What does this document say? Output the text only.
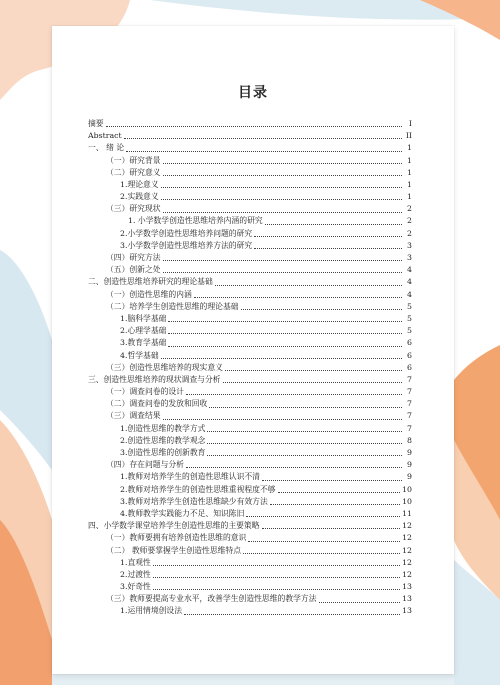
目录
摘要	I
Abstract	II
一、 绪 论	1
（一）研究背景	1
（二）研究意义	1
1.理论意义	1
2.实践意义	1
（三）研究现状	2
1. 小学数学创造性思维培养内涵的研究	2
2.小学数学创造性思维培养问题的研究	2
3.小学数学创造性思维培养方法的研究	3
（四）研究方法	3
（五）创新之处	4
二、创造性思维培养研究的理论基础	4
（一）创造性思维的内涵	4
（二）培养学生创造性思维的理论基础	5
1.脑科学基础	5
2.心理学基础	5
3.教育学基础	6
4.哲学基础	6
（三）创造性思维培养的现实意义	6
三、创造性思维培养的现状调查与分析	7
（一）调查问卷的设计	7
（二）调查问卷的发放和回收	7
（三）调查结果	7
1.创造性思维的教学方式	7
2.创造性思维的教学观念	8
3.创造性思维的创新教育	9
（四）存在问题与分析	9
1.教师对培养学生的创造性思维认识不清	9
2.教师对培养学生的创造性思维重视程度不够	10
3.教师对培养学生创造性思维缺少有效方法	10
4.教师教学实践能力不足、知识陈旧	11
四、小学数学课堂培养学生创造性思维的主要策略	12
（一）教师要拥有培养创造性思维的意识	12
（二） 教师要掌握学生创造性思维特点	12
1.直观性	12
2.过渡性	12
3.好奇性	13
（三）教师要提高专业水平，改善学生创造性思维的教学方法	13
1.运用情境创设法	13
